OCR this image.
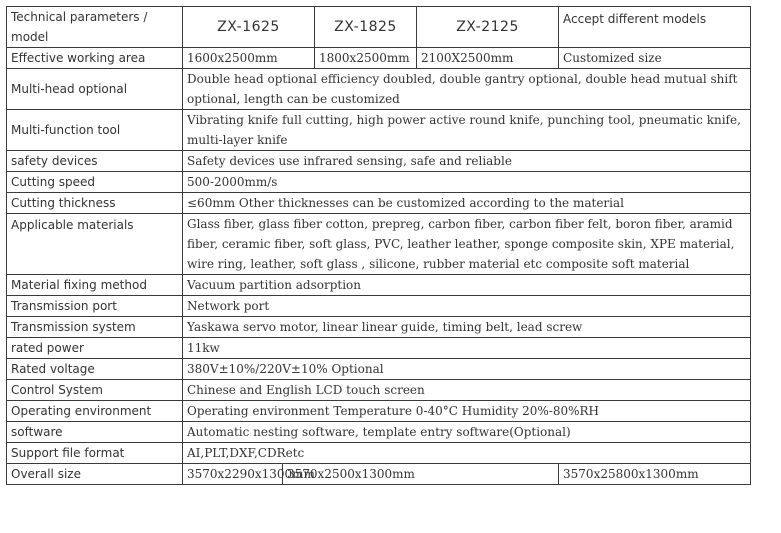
Technical parameters / model	ZX-1625		ZX-1825	ZX-2125	Accept different models
Effective working area	1600x2500mm		1800x2500mm	2100X2500mm	Customized size
Multi-head optional	Double head optional efficiency doubled, double gantry optional, double head mutual shift optional, length can be customized				
Multi-function tool	Vibrating knife full cutting, high power active round knife, punching tool, pneumatic knife, multi-layer knife				
safety devices	Safety devices use infrared sensing, safe and reliable				
Cutting speed	500-2000mm/s				
Cutting thickness	≤60mm Other thicknesses can be customized according to the material				
Applicable materials	Glass fiber, glass fiber cotton, prepreg, carbon fiber, carbon fiber felt, boron fiber, aramid fiber, ceramic fiber, soft glass, PVC, leather leather, sponge composite skin, XPE material, wire ring, leather, soft glass , silicone, rubber material etc composite soft material				
Material fixing method	Vacuum partition adsorption				
Transmission port	Network port				
Transmission system	Yaskawa servo motor, linear linear guide, timing belt, lead screw				
rated power	11kw				
Rated voltage	380V±10%/220V±10% Optional				
Control System	Chinese and English LCD touch screen				
Operating environment	Operating environment Temperature 0-40°C Humidity 20%-80%RH				
software	Automatic nesting software, template entry software(Optional)				
Support file format	AI,PLT,DXF,CDRetc				
Overall size	3570x2290x1300mm	3570x2500x1300mm			3570x25800x1300mm
